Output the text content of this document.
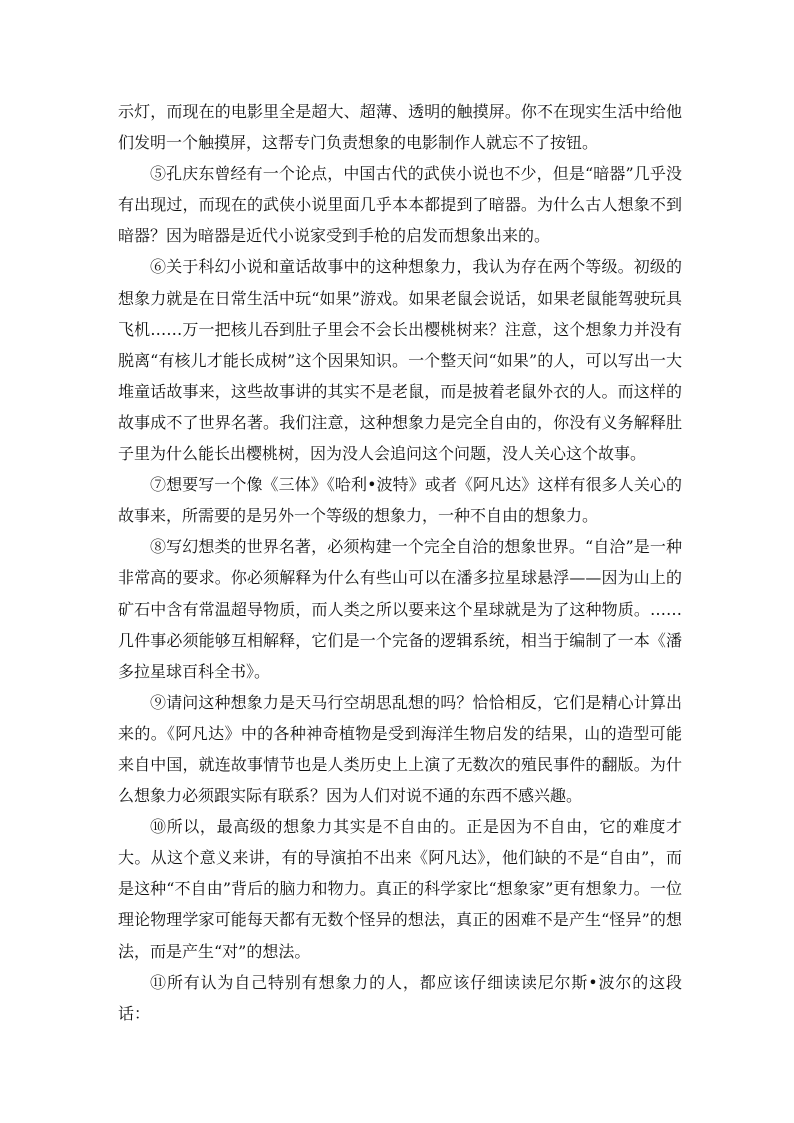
示灯，而现在的电影里全是超大、超薄、透明的触摸屏。你不在现实生活中给他们发明一个触摸屏，这帮专门负责想象的电影制作人就忘不了按钮。

⑤孔庆东曾经有一个论点，中国古代的武侠小说也不少，但是“暗器”几乎没有出现过，而现在的武侠小说里面几乎本本都提到了暗器。为什么古人想象不到暗器？因为暗器是近代小说家受到手枪的启发而想象出来的。

⑥关于科幻小说和童话故事中的这种想象力，我认为存在两个等级。初级的想象力就是在日常生活中玩“如果”游戏。如果老鼠会说话，如果老鼠能驾驶玩具飞机……万一把核儿吞到肚子里会不会长出樱桃树来？注意，这个想象力并没有脱离“有核儿才能长成树”这个因果知识。一个整天问“如果”的人，可以写出一大堆童话故事来，这些故事讲的其实不是老鼠，而是披着老鼠外衣的人。而这样的故事成不了世界名著。我们注意，这种想象力是完全自由的，你没有义务解释肚子里为什么能长出樱桃树，因为没人会追问这个问题，没人关心这个故事。

⑦想要写一个像《三体》《哈利•波特》或者《阿凡达》这样有很多人关心的故事来，所需要的是另外一个等级的想象力，一种不自由的想象力。

⑧写幻想类的世界名著，必须构建一个完全自洽的想象世界。“自洽”是一种非常高的要求。你必须解释为什么有些山可以在潘多拉星球悬浮——因为山上的矿石中含有常温超导物质，而人类之所以要来这个星球就是为了这种物质。……几件事必须能够互相解释，它们是一个完备的逻辑系统，相当于编制了一本《潘多拉星球百科全书》。

⑨请问这种想象力是天马行空胡思乱想的吗？恰恰相反，它们是精心计算出来的。《阿凡达》中的各种神奇植物是受到海洋生物启发的结果，山的造型可能来自中国，就连故事情节也是人类历史上上演了无数次的殖民事件的翻版。为什么想象力必须跟实际有联系？因为人们对说不通的东西不感兴趣。

⑩所以，最高级的想象力其实是不自由的。正是因为不自由，它的难度才大。从这个意义来讲，有的导演拍不出来《阿凡达》，他们缺的不是“自由”，而是这种“不自由”背后的脑力和物力。真正的科学家比“想象家”更有想象力。一位理论物理学家可能每天都有无数个怪异的想法，真正的困难不是产生“怪异”的想法，而是产生“对”的想法。

⑪所有认为自己特别有想象力的人，都应该仔细读读尼尔斯•波尔的这段话：
